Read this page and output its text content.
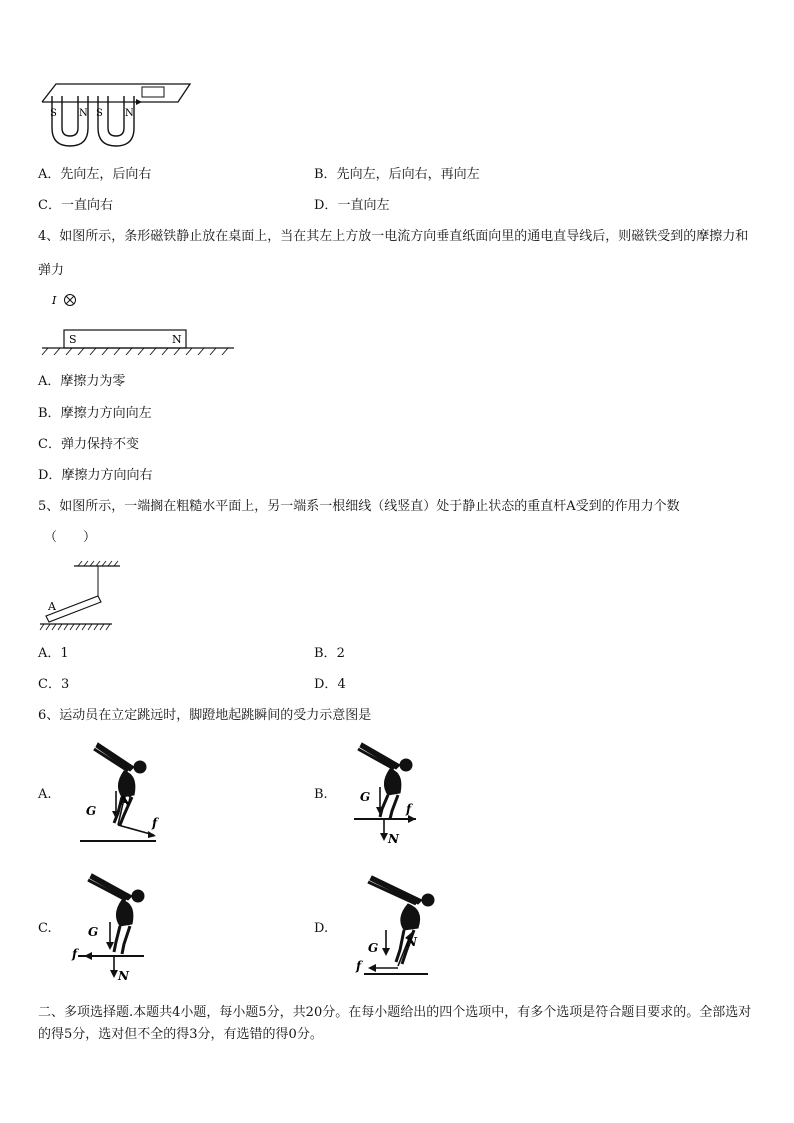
S N S N
A．先向左，后向右	B．先向左，后向右，再向左
C．一直向右	D．一直向左
4、如图所示，条形磁铁静止放在桌面上，当在其左上方放一电流方向垂直纸面向里的通电直导线后，则磁铁受到的摩擦力和弹力
I
S	N
A．摩擦力为零
B．摩擦力方向向左
C．弹力保持不变
D．摩擦力方向向右
5、如图所示，一端搁在粗糙水平面上，另一端系一根细线（线竖直）处于静止状态的重直杆A受到的作用力个数
（　　）
A
A．1	B．2
C．3	D．4
6、运动员在立定跳远时，脚蹬地起跳瞬间的受力示意图是
A.
G
N
f
B.	G
f
N
C.	G
f
N
D.
G N
f
二、多项选择题.本题共4小题，每小题5分，共20分。在每小题给出的四个选项中，有多个选项是符合题目要求的。全部选对的得5分，选对但不全的得3分，有选错的得0分。
